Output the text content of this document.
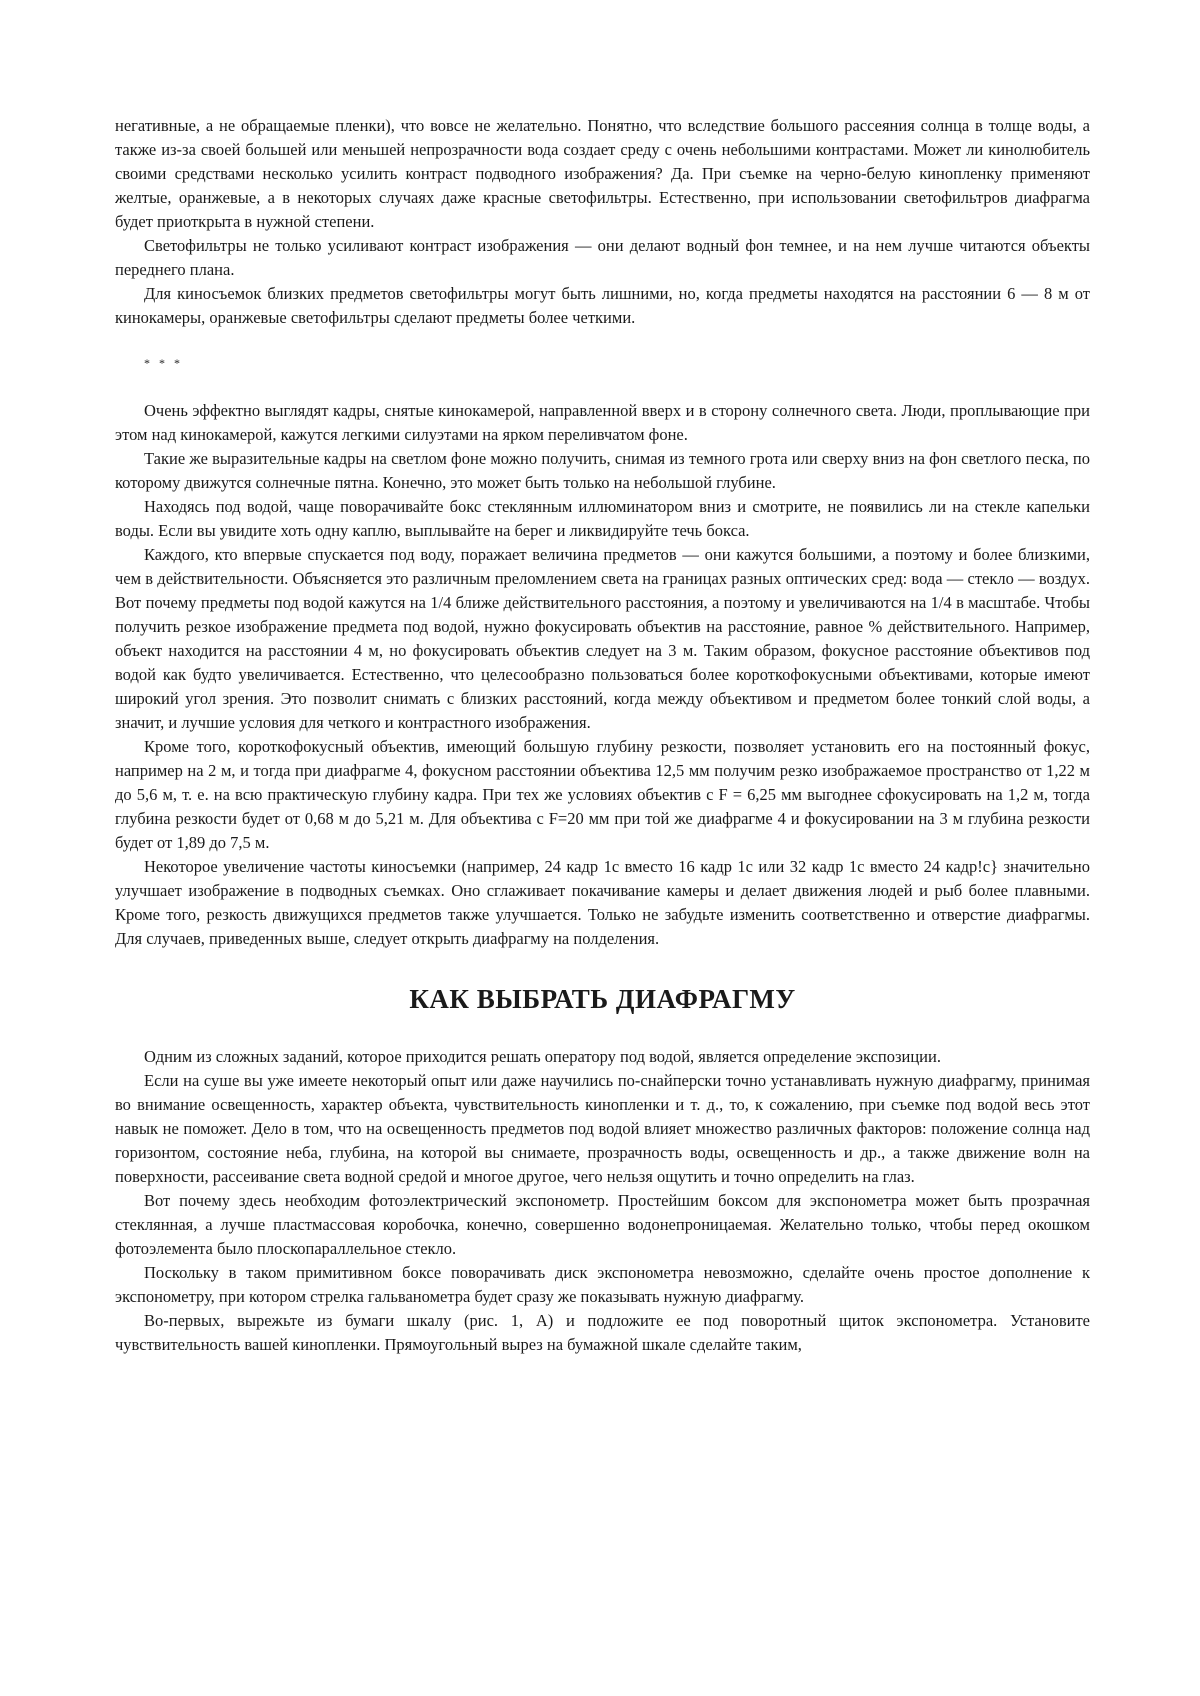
негативные, а не обращаемые пленки), что вовсе не желательно. Понятно, что вследствие большого рассеяния солнца в толще воды, а также из-за своей большей или меньшей непрозрачности вода создает среду с очень небольшими контрастами. Может ли кинолюбитель своими средствами несколько усилить контраст подводного изображения? Да. При съемке на черно-белую кинопленку применяют желтые, оранжевые, а в некоторых случаях даже красные светофильтры. Естественно, при использовании светофильтров диафрагма будет приоткрыта в нужной степени.

Светофильтры не только усиливают контраст изображения — они делают водный фон темнее, и на нем лучше читаются объекты переднего плана.

Для киносъемок близких предметов светофильтры могут быть лишними, но, когда предметы находятся на расстоянии 6 — 8 м от кинокамеры, оранжевые светофильтры сделают предметы более четкими.

* * *

Очень эффектно выглядят кадры, снятые кинокамерой, направленной вверх и в сторону солнечного света. Люди, проплывающие при этом над кинокамерой, кажутся легкими силуэтами на ярком переливчатом фоне.

Такие же выразительные кадры на светлом фоне можно получить, снимая из темного грота или сверху вниз на фон светлого песка, по которому движутся солнечные пятна. Конечно, это может быть только на небольшой глубине.

Находясь под водой, чаще поворачивайте бокс стеклянным иллюминатором вниз и смотрите, не появились ли на стекле капельки воды. Если вы увидите хоть одну каплю, выплывайте на берег и ликвидируйте течь бокса.

Каждого, кто впервые спускается под воду, поражает величина предметов — они кажутся большими, а поэтому и более близкими, чем в действительности. Объясняется это различным преломлением света на границах разных оптических сред: вода — стекло — воздух. Вот почему предметы под водой кажутся на 1/4 ближе действительного расстояния, а поэтому и увеличиваются на 1/4 в масштабе. Чтобы получить резкое изображение предмета под водой, нужно фокусировать объектив на расстояние, равное % действительного. Например, объект находится на расстоянии 4 м, но фокусировать объектив следует на 3 м. Таким образом, фокусное расстояние объективов под водой как будто увеличивается. Естественно, что целесообразно пользоваться более короткофокусными объективами, которые имеют широкий угол зрения. Это позволит снимать с близких расстояний, когда между объективом и предметом более тонкий слой воды, а значит, и лучшие условия для четкого и контрастного изображения.

Кроме того, короткофокусный объектив, имеющий большую глубину резкости, позволяет установить его на постоянный фокус, например на 2 м, и тогда при диафрагме 4, фокусном расстоянии объектива 12,5 мм получим резко изображаемое пространство от 1,22 м до 5,6 м, т. е. на всю практическую глубину кадра. При тех же условиях объектив с F = 6,25 мм выгоднее сфокусировать на 1,2 м, тогда глубина резкости будет от 0,68 м до 5,21 м. Для объектива с F=20 мм при той же диафрагме 4 и фокусировании на 3 м глубина резкости будет от 1,89 до 7,5 м.

Некоторое увеличение частоты киносъемки (например, 24 кадр 1с вместо 16 кадр 1с или 32 кадр 1с вместо 24 кадр!с} значительно улучшает изображение в подводных съемках. Оно сглаживает покачивание камеры и делает движения людей и рыб более плавными. Кроме того, резкость движущихся предметов также улучшается. Только не забудьте изменить соответственно и отверстие диафрагмы. Для случаев, приведенных выше, следует открыть диафрагму на полделения.

КАК ВЫБРАТЬ ДИАФРАГМУ

Одним из сложных заданий, которое приходится решать оператору под водой, является определение экспозиции.

Если на суше вы уже имеете некоторый опыт или даже научились по-снайперски точно устанавливать нужную диафрагму, принимая во внимание освещенность, характер объекта, чувствительность кинопленки и т. д., то, к сожалению, при съемке под водой весь этот навык не поможет. Дело в том, что на освещенность предметов под водой влияет множество различных факторов: положение солнца над горизонтом, состояние неба, глубина, на которой вы снимаете, прозрачность воды, освещенность и др., а также движение волн на поверхности, рассеивание света водной средой и многое другое, чего нельзя ощутить и точно определить на глаз.

Вот почему здесь необходим фотоэлектрический экспонометр. Простейшим боксом для экспонометра может быть прозрачная стеклянная, а лучше пластмассовая коробочка, конечно, совершенно водонепроницаемая. Желательно только, чтобы перед окошком фотоэлемента было плоскопараллельное стекло.

Поскольку в таком примитивном боксе поворачивать диск экспонометра невозможно, сделайте очень простое дополнение к экспонометру, при котором стрелка гальванометра будет сразу же показывать нужную диафрагму.

Во-первых, вырежьте из бумаги шкалу (рис. 1, А) и подложите ее под поворотный щиток экспонометра. Установите чувствительность вашей кинопленки. Прямоугольный вырез на бумажной шкале сделайте таким,
